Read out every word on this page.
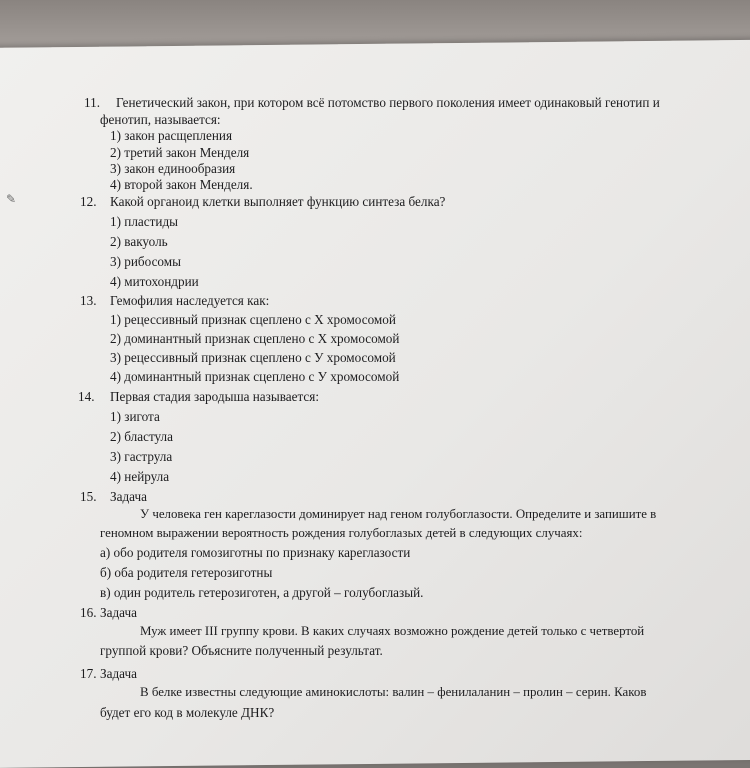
✎
11. Генетический закон, при котором всё потомство первого поколения имеет одинаковый генотип и
фенотип, называется:
1) закон расщепления
2) третий закон Менделя
3) закон единообразия
4) второй закон Менделя.
12. Какой органоид клетки выполняет функцию синтеза белка?
1) пластиды
2) вакуоль
3) рибосомы
4) митохондрии
13. Гемофилия наследуется как:
1) рецессивный признак сцеплено с X хромосомой
2) доминантный признак сцеплено с X хромосомой
3) рецессивный признак сцеплено с У хромосомой
4) доминантный признак сцеплено с У хромосомой
14. Первая стадия зародыша называется:
1) зигота
2) бластула
3) гаструла
4) нейрула
15. Задача
У человека ген кареглазости доминирует над геном голубоглазости. Определите и запишите в
геномном выражении вероятность рождения голубоглазых детей в следующих случаях:
а) обо родителя гомозиготны по признаку кареглазости
б) оба родителя гетерозиготны
в) один родитель гетерозиготен, а другой – голубоглазый.
16. Задача
Муж имеет III группу крови. В каких случаях возможно рождение детей только с четвертой
группой крови? Объясните полученный результат.
17. Задача
В белке известны следующие аминокислоты: валин – фенилаланин – пролин – серин. Каков
будет его код в молекуле ДНК?
